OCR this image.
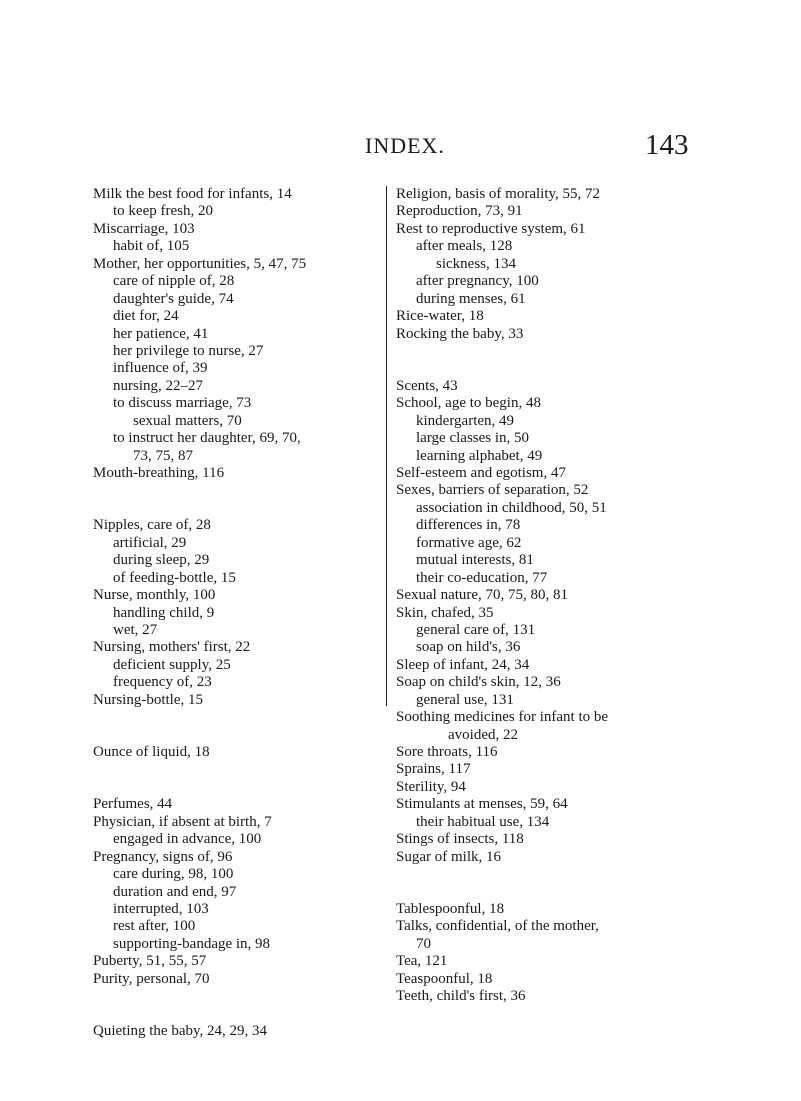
INDEX.	143
Milk the best food for infants, 14
to keep fresh, 20
Miscarriage, 103
habit of, 105
Mother, her opportunities, 5, 47, 75
care of nipple of, 28
daughter's guide, 74
diet for, 24
her patience, 41
her privilege to nurse, 27
influence of, 39
nursing, 22–27
to discuss marriage, 73
sexual matters, 70
to instruct her daughter, 69, 70,
73, 75, 87
Mouth-breathing, 116
Nipples, care of, 28
artificial, 29
during sleep, 29
of feeding-bottle, 15
Nurse, monthly, 100
handling child, 9
wet, 27
Nursing, mothers' first, 22
deficient supply, 25
frequency of, 23
Nursing-bottle, 15
Ounce of liquid, 18
Perfumes, 44
Physician, if absent at birth, 7
engaged in advance, 100
Pregnancy, signs of, 96
care during, 98, 100
duration and end, 97
interrupted, 103
rest after, 100
supporting-bandage in, 98
Puberty, 51, 55, 57
Purity, personal, 70
Quieting the baby, 24, 29, 34
Religion, basis of morality, 55, 72
Reproduction, 73, 91
Rest to reproductive system, 61
after meals, 128
sickness, 134
after pregnancy, 100
during menses, 61
Rice-water, 18
Rocking the baby, 33
Scents, 43
School, age to begin, 48
kindergarten, 49
large classes in, 50
learning alphabet, 49
Self-esteem and egotism, 47
Sexes, barriers of separation, 52
association in childhood, 50, 51
differences in, 78
formative age, 62
mutual interests, 81
their co-education, 77
Sexual nature, 70, 75, 80, 81
Skin, chafed, 35
general care of, 131
soap on hild's, 36
Sleep of infant, 24, 34
Soap on child's skin, 12, 36
general use, 131
Soothing medicines for infant to be
avoided, 22
Sore throats, 116
Sprains, 117
Sterility, 94
Stimulants at menses, 59, 64
their habitual use, 134
Stings of insects, 118
Sugar of milk, 16
Tablespoonful, 18
Talks, confidential, of the mother,
70
Tea, 121
Teaspoonful, 18
Teeth, child's first, 36
